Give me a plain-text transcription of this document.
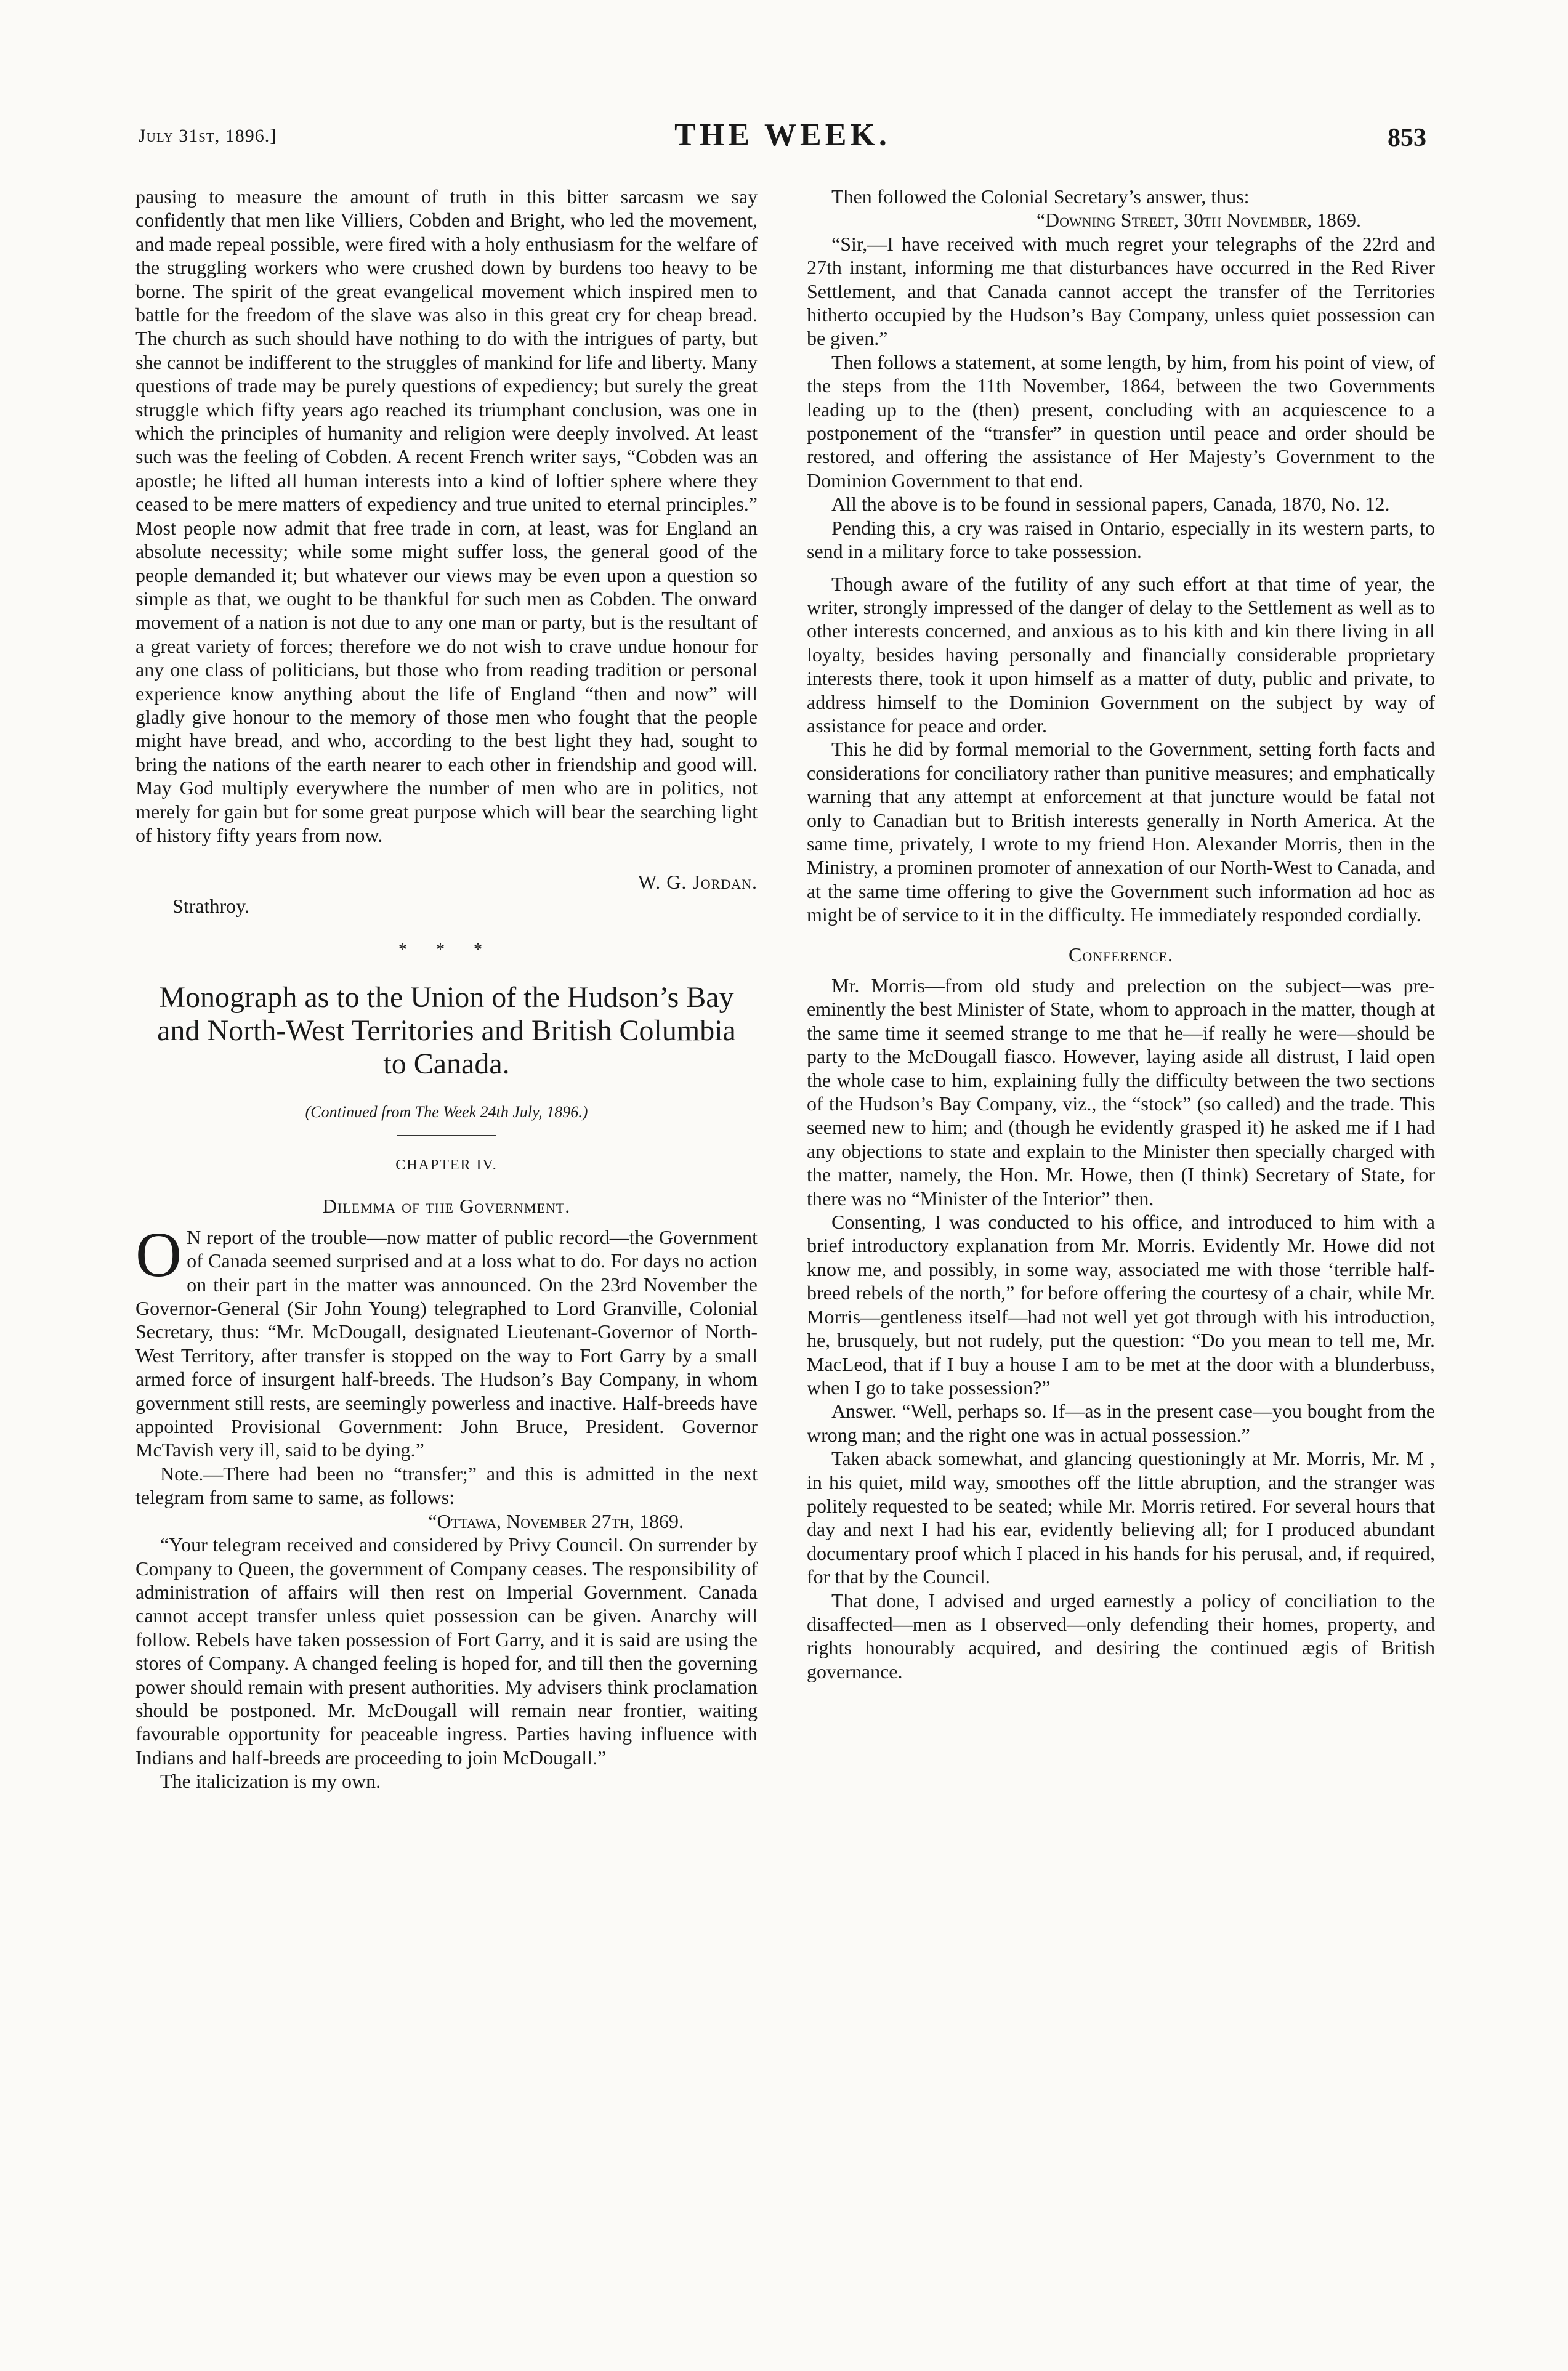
July 31st, 1896.]	THE WEEK.	853

pausing to measure the amount of truth in this bitter sarcasm we say confidently that men like Villiers, Cobden and Bright, who led the movement, and made repeal possible, were fired with a holy enthusiasm for the welfare of the struggling workers who were crushed down by burdens too heavy to be borne. The spirit of the great evangelical movement which inspired men to battle for the freedom of the slave was also in this great cry for cheap bread. The church as such should have nothing to do with the intrigues of party, but she cannot be indifferent to the struggles of mankind for life and liberty. Many questions of trade may be purely questions of expediency; but surely the great struggle which fifty years ago reached its triumphant conclusion, was one in which the principles of humanity and religion were deeply involved. At least such was the feeling of Cobden. A recent French writer says, “Cobden was an apostle; he lifted all human interests into a kind of loftier sphere where they ceased to be mere matters of expediency and true united to eternal principles.” Most people now admit that free trade in corn, at least, was for England an absolute necessity; while some might suffer loss, the general good of the people demanded it; but whatever our views may be even upon a question so simple as that, we ought to be thankful for such men as Cobden. The onward movement of a nation is not due to any one man or party, but is the resultant of a great variety of forces; therefore we do not wish to crave undue honour for any one class of politicians, but those who from reading tradition or personal experience know anything about the life of England “then and now” will gladly give honour to the memory of those men who fought that the people might have bread, and who, according to the best light they had, sought to bring the nations of the earth nearer to each other in friendship and good will. May God multiply everywhere the number of men who are in politics, not merely for gain but for some great purpose which will bear the searching light of history fifty years from now.

W. G. Jordan.

Strathroy.

* * *

Monograph as to the Union of the Hudson’s Bay and North-West Territories and British Columbia to Canada.

(Continued from The Week 24th July, 1896.)

CHAPTER IV.

Dilemma of the Government.

O N report of the trouble—now matter of public record—the Government of Canada seemed surprised and at a loss what to do. For days no action on their part in the matter was announced. On the 23rd November the Governor-General (Sir John Young) telegraphed to Lord Granville, Colonial Secretary, thus: “Mr. McDougall, designated Lieutenant-Governor of North-West Territory, after transfer is stopped on the way to Fort Garry by a small armed force of insurgent half-breeds. The Hudson’s Bay Company, in whom government still rests, are seemingly powerless and inactive. Half-breeds have appointed Provisional Government: John Bruce, President. Governor McTavish very ill, said to be dying.”

Note.—There had been no “transfer;” and this is admitted in the next telegram from same to same, as follows:

“Ottawa, November 27th, 1869.

“Your telegram received and considered by Privy Council. On surrender by Company to Queen, the government of Company ceases. The responsibility of administration of affairs will then rest on Imperial Government. Canada cannot accept transfer unless quiet possession can be given. Anarchy will follow. Rebels have taken possession of Fort Garry, and it is said are using the stores of Company. A changed feeling is hoped for, and till then the governing power should remain with present authorities. My advisers think proclamation should be postponed. Mr. McDougall will remain near frontier, waiting favourable opportunity for peaceable ingress. Parties having influence with Indians and half-breeds are proceeding to join McDougall.”

The italicization is my own.

Then followed the Colonial Secretary’s answer, thus:

“Downing Street, 30th November, 1869.

“Sir,—I have received with much regret your telegraphs of the 22rd and 27th instant, informing me that disturbances have occurred in the Red River Settlement, and that Canada cannot accept the transfer of the Territories hitherto occupied by the Hudson’s Bay Company, unless quiet possession can be given.”

Then follows a statement, at some length, by him, from his point of view, of the steps from the 11th November, 1864, between the two Governments leading up to the (then) present, concluding with an acquiescence to a postponement of the “transfer” in question until peace and order should be restored, and offering the assistance of Her Majesty’s Government to the Dominion Government to that end.

All the above is to be found in sessional papers, Canada, 1870, No. 12.

Pending this, a cry was raised in Ontario, especially in its western parts, to send in a military force to take possession.

Though aware of the futility of any such effort at that time of year, the writer, strongly impressed of the danger of delay to the Settlement as well as to other interests concerned, and anxious as to his kith and kin there living in all loyalty, besides having personally and financially considerable proprietary interests there, took it upon himself as a matter of duty, public and private, to address himself to the Dominion Government on the subject by way of assistance for peace and order.

This he did by formal memorial to the Government, setting forth facts and considerations for conciliatory rather than punitive measures; and emphatically warning that any attempt at enforcement at that juncture would be fatal not only to Canadian but to British interests generally in North America. At the same time, privately, I wrote to my friend Hon. Alexander Morris, then in the Ministry, a prominen promoter of annexation of our North-West to Canada, and at the same time offering to give the Government such information ad hoc as might be of service to it in the difficulty. He immediately responded cordially.

Conference.

Mr. Morris—from old study and prelection on the subject—was pre-eminently the best Minister of State, whom to approach in the matter, though at the same time it seemed strange to me that he—if really he were—should be party to the McDougall fiasco. However, laying aside all distrust, I laid open the whole case to him, explaining fully the difficulty between the two sections of the Hudson’s Bay Company, viz., the “stock” (so called) and the trade. This seemed new to him; and (though he evidently grasped it) he asked me if I had any objections to state and explain to the Minister then specially charged with the matter, namely, the Hon. Mr. Howe, then (I think) Secretary of State, for there was no “Minister of the Interior” then.

Consenting, I was conducted to his office, and introduced to him with a brief introductory explanation from Mr. Morris. Evidently Mr. Howe did not know me, and possibly, in some way, associated me with those ‘terrible half-breed rebels of the north,” for before offering the courtesy of a chair, while Mr. Morris—gentleness itself—had not well yet got through with his introduction, he, brusquely, but not rudely, put the question: “Do you mean to tell me, Mr. MacLeod, that if I buy a house I am to be met at the door with a blunderbuss, when I go to take possession?”

Answer. “Well, perhaps so. If—as in the present case—you bought from the wrong man; and the right one was in actual possession.”

Taken aback somewhat, and glancing questioningly at Mr. Morris, Mr. M , in his quiet, mild way, smoothes off the little abruption, and the stranger was politely requested to be seated; while Mr. Morris retired. For several hours that day and next I had his ear, evidently believing all; for I produced abundant documentary proof which I placed in his hands for his perusal, and, if required, for that by the Council.

That done, I advised and urged earnestly a policy of conciliation to the disaffected—men as I observed—only defending their homes, property, and rights honourably acquired, and desiring the continued ægis of British governance.
